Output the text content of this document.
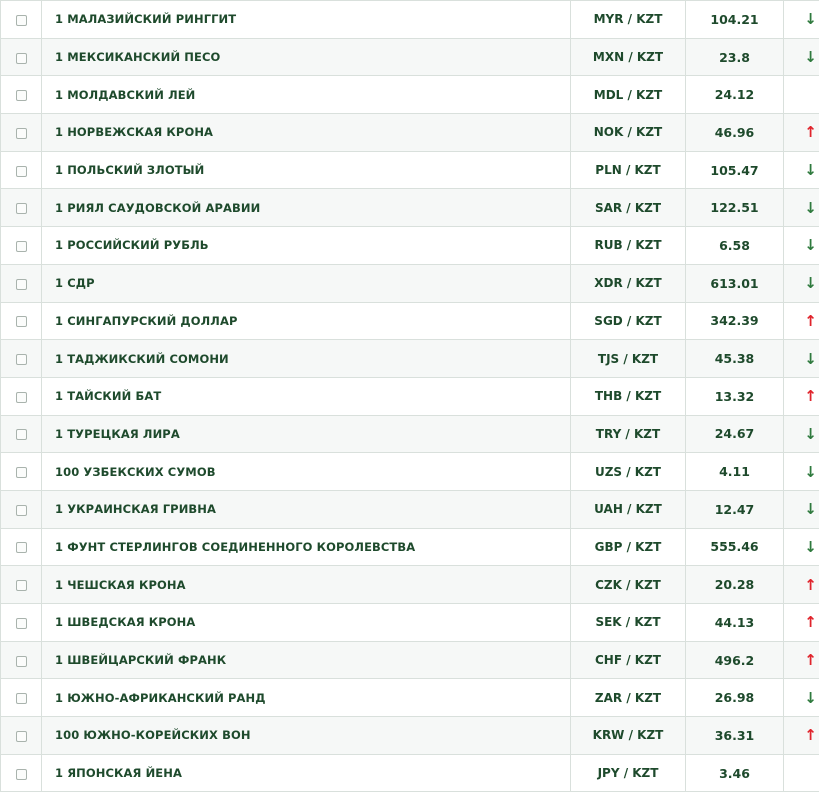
	1 МАЛАЗИЙСКИЙ РИНГГИТ	MYR / KZT	104.21	↓
	1 МЕКСИКАНСКИЙ ПЕСО	MXN / KZT	23.8	↓
	1 МОЛДАВСКИЙ ЛЕЙ	MDL / KZT	24.12	
	1 НОРВЕЖСКАЯ КРОНА	NOK / KZT	46.96	↑
	1 ПОЛЬСКИЙ ЗЛОТЫЙ	PLN / KZT	105.47	↓
	1 РИЯЛ САУДОВСКОЙ АРАВИИ	SAR / KZT	122.51	↓
	1 РОССИЙСКИЙ РУБЛЬ	RUB / KZT	6.58	↓
	1 СДР	XDR / KZT	613.01	↓
	1 СИНГАПУРСКИЙ ДОЛЛАР	SGD / KZT	342.39	↑
	1 ТАДЖИКСКИЙ СОМОНИ	TJS / KZT	45.38	↓
	1 ТАЙСКИЙ БАТ	THB / KZT	13.32	↑
	1 ТУРЕЦКАЯ ЛИРА	TRY / KZT	24.67	↓
	100 УЗБЕКСКИХ СУМОВ	UZS / KZT	4.11	↓
	1 УКРАИНСКАЯ ГРИВНА	UAH / KZT	12.47	↓
	1 ФУНТ СТЕРЛИНГОВ СОЕДИНЕННОГО КОРОЛЕВСТВА	GBP / KZT	555.46	↓
	1 ЧЕШСКАЯ КРОНА	CZK / KZT	20.28	↑
	1 ШВЕДСКАЯ КРОНА	SEK / KZT	44.13	↑
	1 ШВЕЙЦАРСКИЙ ФРАНК	CHF / KZT	496.2	↑
	1 ЮЖНО-АФРИКАНСКИЙ РАНД	ZAR / KZT	26.98	↓
	100 ЮЖНО-КОРЕЙСКИХ ВОН	KRW / KZT	36.31	↑
	1 ЯПОНСКАЯ ЙЕНА	JPY / KZT	3.46	
